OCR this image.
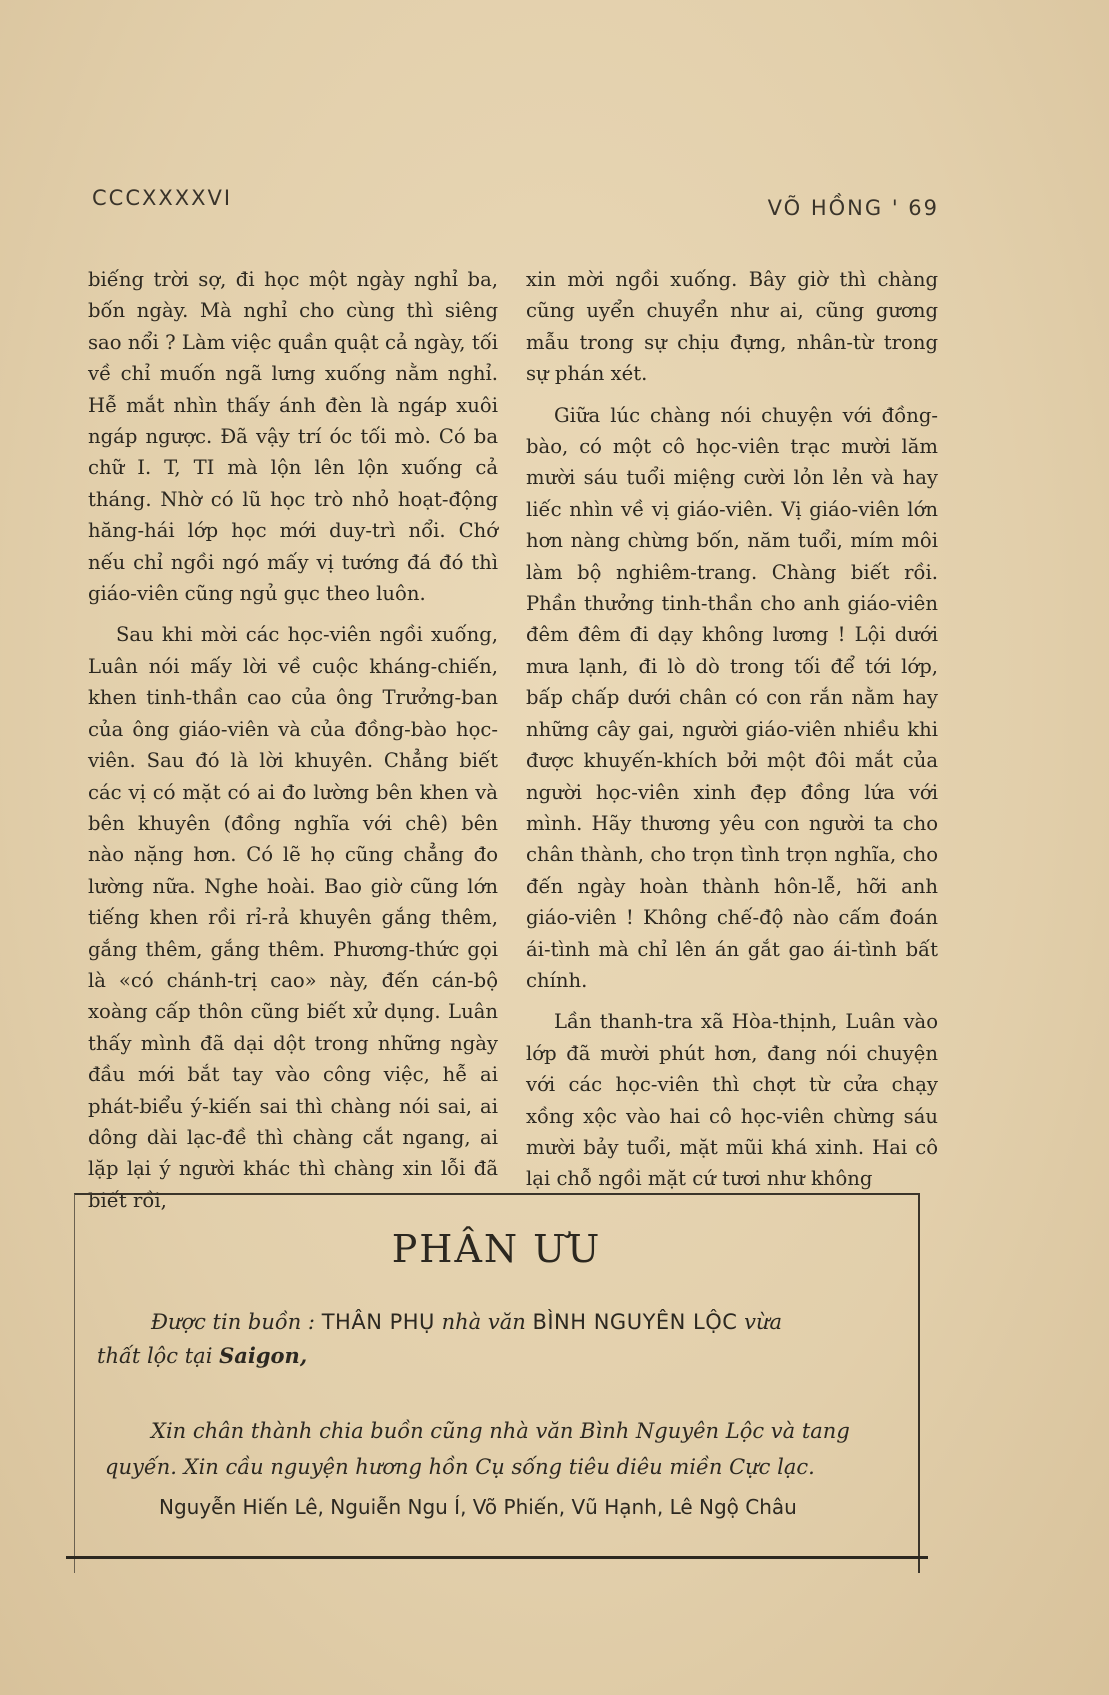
CCCXXXXVI	VÕ HỒNG ' 69

biếng trời sợ, đi học một ngày nghỉ ba, bốn ngày. Mà nghỉ cho cùng thì siêng sao nổi ? Làm việc quần quật cả ngày, tối về chỉ muốn ngã lưng xuống nằm nghỉ. Hễ mắt nhìn thấy ánh đèn là ngáp xuôi ngáp ngược. Đã vậy trí óc tối mò. Có ba chữ I. T, TI mà lộn lên lộn xuống cả tháng. Nhờ có lũ học trò nhỏ hoạt-động hăng-hái lớp học mới duy-trì nổi. Chớ nếu chỉ ngồi ngó mấy vị tướng đá đó thì giáo-viên cũng ngủ gục theo luôn.

Sau khi mời các học-viên ngồi xuống, Luân nói mấy lời về cuộc kháng-chiến, khen tinh-thần cao của ông Trưởng-ban của ông giáo-viên và của đồng-bào học-viên. Sau đó là lời khuyên. Chẳng biết các vị có mặt có ai đo lường bên khen và bên khuyên (đồng nghĩa với chê) bên nào nặng hơn. Có lẽ họ cũng chẳng đo lường nữa. Nghe hoài. Bao giờ cũng lớn tiếng khen rồi rỉ-rả khuyên gắng thêm, gắng thêm, gắng thêm. Phương-thức gọi là «có chánh-trị cao» này, đến cán-bộ xoàng cấp thôn cũng biết xử dụng. Luân thấy mình đã dại dột trong những ngày đầu mới bắt tay vào công việc, hễ ai phát-biểu ý-kiến sai thì chàng nói sai, ai dông dài lạc-đề thì chàng cắt ngang, ai lặp lại ý người khác thì chàng xin lỗi đã biết rồi,

xin mời ngồi xuống. Bây giờ thì chàng cũng uyển chuyển như ai, cũng gương mẫu trong sự chịu đựng, nhân-từ trong sự phán xét.

Giữa lúc chàng nói chuyện với đồng-bào, có một cô học-viên trạc mười lăm mười sáu tuổi miệng cười lỏn lẻn và hay liếc nhìn về vị giáo-viên. Vị giáo-viên lớn hơn nàng chừng bốn, năm tuổi, mím môi làm bộ nghiêm-trang. Chàng biết rồi. Phần thưởng tinh-thần cho anh giáo-viên đêm đêm đi dạy không lương ! Lội dưới mưa lạnh, đi lò dò trong tối để tới lớp, bấp chấp dưới chân có con rắn nằm hay những cây gai, người giáo-viên nhiều khi được khuyến-khích bởi một đôi mắt của người học-viên xinh đẹp đồng lứa với mình. Hãy thương yêu con người ta cho chân thành, cho trọn tình trọn nghĩa, cho đến ngày hoàn thành hôn-lễ, hỡi anh giáo-viên ! Không chế-độ nào cấm đoán ái-tình mà chỉ lên án gắt gao ái-tình bất chính.

Lần thanh-tra xã Hòa-thịnh, Luân vào lớp đã mười phút hơn, đang nói chuyện với các học-viên thì chợt từ cửa chạy xồng xộc vào hai cô học-viên chừng sáu mười bảy tuổi, mặt mũi khá xinh. Hai cô lại chỗ ngồi mặt cứ tươi như không

PHÂN ƯU
Được tin buồn : THÂN PHỤ nhà văn BÌNH NGUYÊN LỘC vừa
thất lộc tại Saigon,
Xin chân thành chia buồn cũng nhà văn Bình Nguyên Lộc và tang quyến. Xin cầu nguyện hương hồn Cụ sống tiêu diêu miền Cực lạc.
Nguyễn Hiến Lê, Nguiễn Ngu Í, Võ Phiến, Vũ Hạnh, Lê Ngộ Châu
